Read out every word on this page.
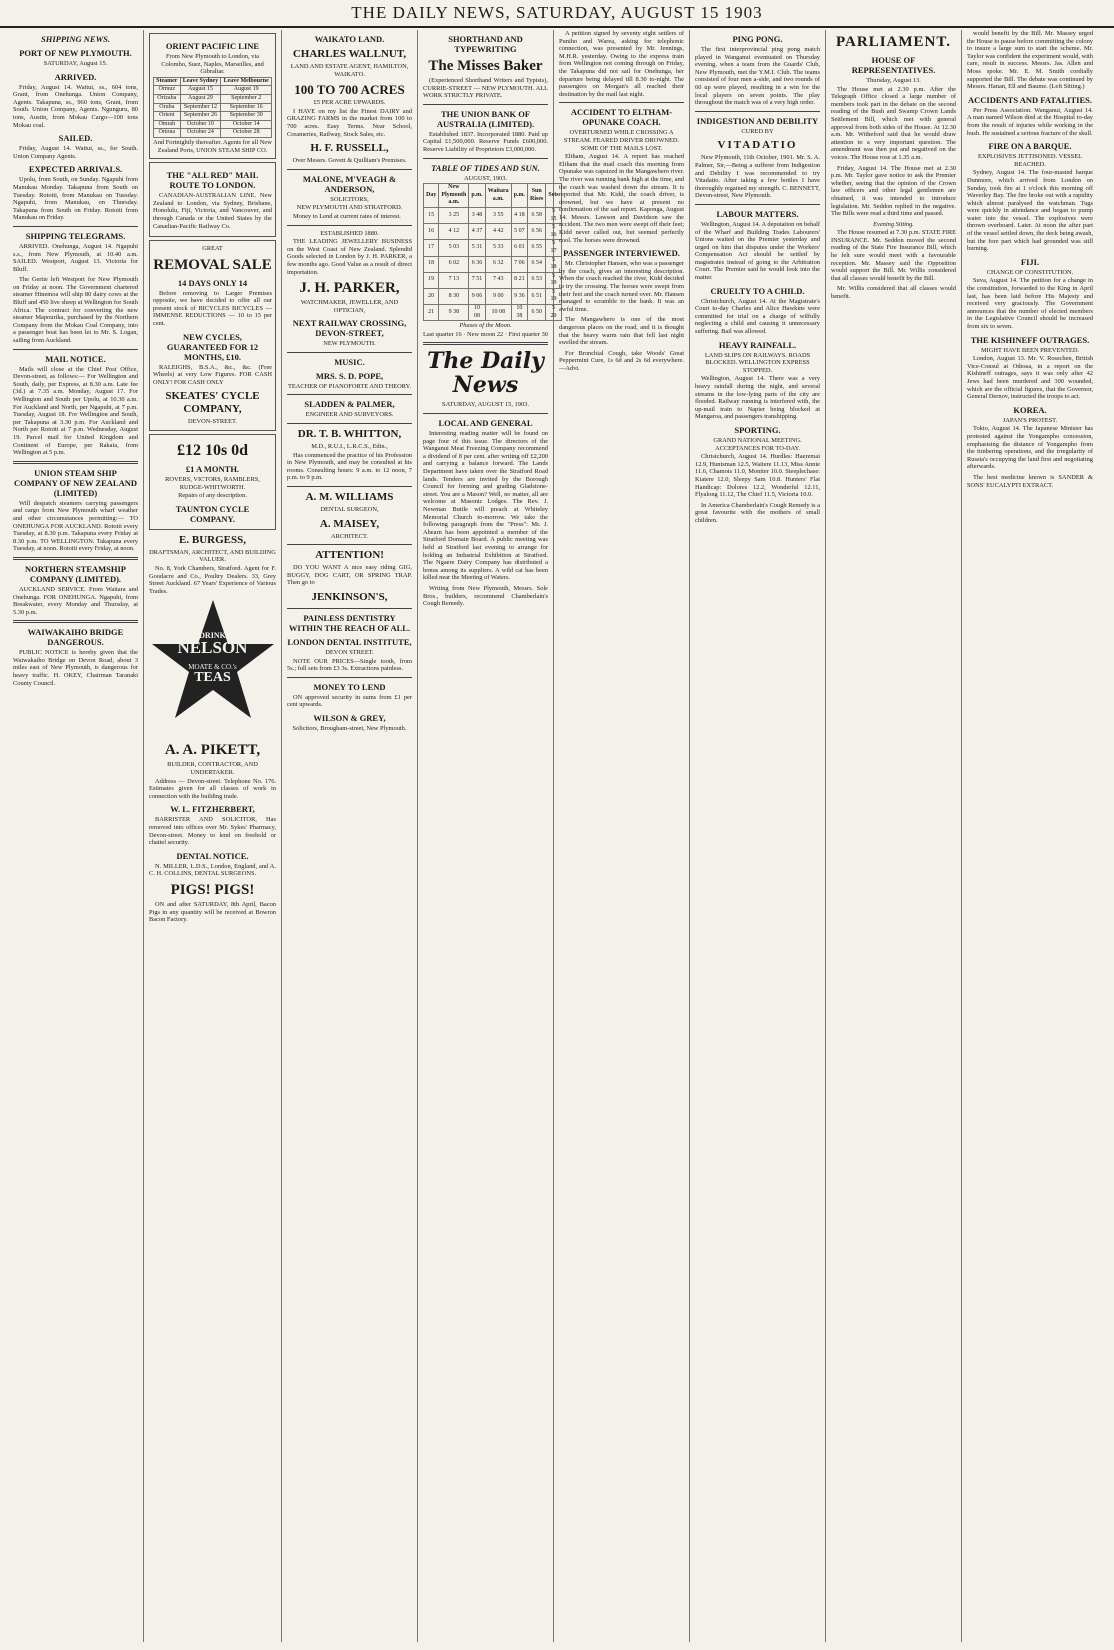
THE DAILY NEWS, SATURDAY, AUGUST 15 1903
SHIPPING NEWS.
PORT OF NEW PLYMOUTH.
SATURDAY, August 15.
ARRIVED.

Friday, August 14. Waitui, ss., 604 tons, Grant, from Onehunga. Union Company, Agents. Takapuna, ss., 960 tons, Grant, from South. Union Company, Agents. Ngunguru, 80 tons, Austin, from Mokau Cargo—100 tons Mokau coal.

SAILED.

Friday, August 14. Waitui, ss., for South. Union Company Agents.

EXPECTED ARRIVALS.

Upolu, from South, on Sunday. Ngapuhi from Manukau Monday. Takapuna from South on Tuesday. Rotoiti, from Manukau on Tuesday. Ngapuhi, from Manukau, on Thursday. Takapuna from South on Friday. Rotoiti from Manukau on Friday.

SHIPPING TELEGRAMS.

ARRIVED. Onehunga, August 14. Ngapuhi s.s., from New Plymouth, at 10.40 a.m. SAILED. Westport, August 13. Victoria for Bluff.

The Gertie left Westport for New Plymouth on Friday at noon. The Government chartered steamer Hinemoa will ship 80 dairy cows at the Bluff and 450 live sheep at Wellington for South Africa. The contract for converting the new steamer Mapourika, purchased by the Northern Company from the Mokau Coal Company, into a passenger boat has been let to Mr. S. Logan, sailing from Auckland.

MAIL NOTICE.

Mails will close at the Chief Post Office, Devon-street, as follows:— For Wellington and South, daily, per Express, at 8.30 a.m. Late fee (3d.) at 7.35 a.m. Monday, August 17. For Wellington and South per Upolu, at 10.30 a.m. For Auckland and North, per Ngapuhi, at 7 p.m. Tuesday, August 18. For Wellington and South, per Takapuna at 3.30 p.m. For Auckland and North per Rotoiti at 7 p.m. Wednesday, August 19. Parcel mail for United Kingdom and Continent of Europe, per Rakaia, from Wellington at 5 p.m.

UNION STEAM SHIP COMPANY OF NEW ZEALAND (LIMITED)

Will despatch steamers carrying passengers and cargo from New Plymouth wharf weather and other circumstances permitting:— TO ONEHUNGA FOR AUCKLAND. Rotoiti every Tuesday, at 8.30 p.m. Takapuna every Friday at 8.30 p.m. TO WELLINGTON. Takapuna every Tuesday, at noon. Rotoiti every Friday, at noon.

NORTHERN STEAMSHIP COMPANY (LIMITED).

AUCKLAND SERVICE. From Waitara and Onehunga. FOR ONEHUNGA. Ngapuhi, from Breakwater, every Monday and Thursday, at 5.30 p.m.

WAIWAKAIHO BRIDGE DANGEROUS.

PUBLIC NOTICE is hereby given that the Waiwakaiho Bridge on Devon Road, about 3 miles east of New Plymouth, is dangerous for heavy traffic. H. OKEY, Chairman Taranaki County Council.

ORIENT PACIFIC LINE
From New Plymouth to London, via Colombo, Suez, Naples, Marseilles, and Gibraltar.
Steamer	Leave Sydney	Leave Melbourne
Ormuz	August 15	August 19
Orizaba	August 29	September 2
Oruba	September 12	September 16
Orient	September 26	September 30
Omrah	October 10	October 14
Ortona	October 24	October 28
And Fortnightly thereafter. Agents for all New Zealand Ports, UNION STEAM SHIP CO.
THE "ALL RED" MAIL ROUTE TO LONDON.

CANADIAN-AUSTRALIAN LINE. New Zealand to London, via Sydney, Brisbane, Honolulu, Fiji, Victoria, and Vancouver, and through Canada or the United States by the Canadian-Pacific Railway Co.

GREAT
REMOVAL SALE
14 DAYS ONLY 14

Before removing to Larger Premises opposite, we have decided to offer all our present stock of BICYCLES BICYCLES — IMMENSE REDUCTIONS — 10 to 15 per cent.

NEW CYCLES, GUARANTEED FOR 12 MONTHS, £10.

RALEIGHS, B.S.A., &c., &c. (Free Wheels) at very Low Figures. FOR CASH ONLY! FOR CASH ONLY

SKEATES' CYCLE COMPANY,
DEVON-STREET.
£12 10s 0d
£1 A MONTH.
ROVERS, VICTORS, RAMBLERS, RUDGE-WHITWORTH.
Repairs of any description.
TAUNTON CYCLE COMPANY.
E. BURGESS,
DRAFTSMAN, ARCHITECT, AND BUILDING VALUER.

No. 8, York Chambers, Stratford. Agent for F. Goodacre and Co., Poultry Dealers. 33, Grey Street Auckland. 67 Years' Experience of Various Trades.

DRINK
NELSON
MOATE & CO.'s
TEAS
A. A. PIKETT,
BUILDER, CONTRACTOR, AND UNDERTAKER.

Address — Devon-street. Telephone No. 176. Estimates given for all classes of work in connection with the building trade.

W. L. FITZHERBERT,

BARRISTER AND SOLICITOR, Has removed into offices over Mr. Sykes' Pharmacy, Devon-street. Money to lend on freehold or chattel security.

DENTAL NOTICE.

N. MILLER, L.D.S., London, England, and A. C. H. COLLINS, DENTAL SURGEONS.

PIGS! PIGS!

ON and after SATURDAY, 8th April, Bacon Pigs in any quantity will be received at Bowron Bacon Factory.

WAIKATO LAND.
CHARLES WALLNUT,
LAND AND ESTATE AGENT, HAMILTON, WAIKATO.
100 TO 700 ACRES
£5 PER ACRE UPWARDS.

I HAVE on my list the Finest DAIRY and GRAZING FARMS in the market from 100 to 700 acres. Easy Terms. Near School, Creameries, Railway, Stock Sales, etc.

H. F. RUSSELL,
Over Messrs. Govett & Quilliam's Premises.
MALONE, M'VEAGH & ANDERSON,
SOLICITORS,
NEW PLYMOUTH AND STRATFORD.

Money to Lend at current rates of interest.

ESTABLISHED 1880.

THE LEADING JEWELLERY BUSINESS on the West Coast of New Zealand. Splendid Goods selected in London by J. H. PARKER, a few months ago. Good Value as a result of direct importation.

J. H. PARKER,
WATCHMAKER, JEWELLER, AND OPTICIAN,
NEXT RAILWAY CROSSING, DEVON-STREET,
NEW PLYMOUTH.
MUSIC.
MRS. S. D. POPE,
TEACHER OF PIANOFORTE AND THEORY.
SLADDEN & PALMER,
ENGINEER AND SURVEYORS.
DR. T. B. WHITTON,
M.D., R.U.I., L.R.C.S., Edin.,

Has commenced the practice of his Profession in New Plymouth, and may be consulted at his rooms. Consulting hours: 9 a.m. to 12 noon, 7 p.m. to 9 p.m.

A. M. WILLIAMS
DENTAL SURGEON,
A. MAISEY,
ARCHITECT.
ATTENTION!

DO YOU WANT A nice easy riding GIG, BUGGY, DOG CART, OR SPRING TRAP. Then go to

JENKINSON'S,
PAINLESS DENTISTRY WITHIN THE REACH OF ALL.
LONDON DENTAL INSTITUTE,
DEVON STREET.

NOTE OUR PRICES—Single tooth, from 5s.; full sets from £3 3s. Extractions painless.

MONEY TO LEND

ON approved security in sums from £1 per cent upwards.

WILSON & GREY,
Solicitors, Brougham-street, New Plymouth.
SHORTHAND AND TYPEWRITING
The Misses Baker

(Experienced Shorthand Writers and Typists), CURRIE-STREET — NEW PLYMOUTH. ALL WORK STRICTLY PRIVATE.

THE UNION BANK OF AUSTRALIA (LIMITED).

Established 1837. Incorporated 1880. Paid up Capital £1,500,000. Reserve Funds £600,000. Reserve Liability of Proprietors £3,000,000.

TABLE OF TIDES AND SUN.
AUGUST, 1903.
Day	New Plymouth a.m.	p.m.	Waitara a.m.	p.m.	Sun Rises	Sets
15	3 25	3 48	3 55	4 18	6 58	5 15
16	4 12	4 37	4 42	5 07	6 56	5 16
17	5 03	5 31	5 33	6 01	6 55	5 17
18	6 02	6 36	6 32	7 06	6 54	5 18
19	7 13	7 51	7 43	8 21	6 53	5 19
20	8 30	9 06	9 00	9 36	6 51	5 19
21	9 38	10 08	10 08	10 38	6 50	5 20
Phases of the Moon.
Last quarter 16 · New moon 22 · First quarter 30
The Daily News
SATURDAY, AUGUST 15, 1903.
LOCAL AND GENERAL

Interesting reading matter will be found on page four of this issue. The directors of the Wanganui Meat Freezing Company recommend a dividend of 8 per cent. after writing off £2,200 and carrying a balance forward. The Lands Department have taken over the Stratford Road lands. Tenders are invited by the Borough Council for forming and grading Gladstone-street. You are a Mason? Well, no matter, all are welcome at Masonic Lodges. The Rev. J. Newman Buttle will preach at Whiteley Memorial Church to-morrow. We take the following paragraph from the "Press": Mr. J. Ahearn has been appointed a member of the Stratford Domain Board. A public meeting was held at Stratford last evening to arrange for holding an Industrial Exhibition at Stratford. The Ngaere Dairy Company has distributed a bonus among its suppliers. A wild cat has been killed near the Meeting of Waters.

Writing from New Plymouth, Messrs. Sole Bros., builders, recommend Chamberlain's Cough Remedy.

A petition signed by seventy eight settlers of Puniho and Warea, asking for telephonic connection, was presented by Mr. Jennings, M.H.R. yesterday. Owing to the express train from Wellington not coming through on Friday, the Takapuna did not sail for Onehunga, her departure being delayed till 8.30 to-night. The passengers on Morgan's all reached their destination by the mail last night.

ACCIDENT TO ELTHAM-OPUNAKE COACH.
OVERTURNED WHILE CROSSING A STREAM. FEARED DRIVER DROWNED. SOME OF THE MAILS LOST.

Eltham, August 14. A report has reached Eltham that the mail coach this morning from Opunake was capsized in the Mangawhero river. The river was running bank high at the time, and the coach was washed down the stream. It is reported that Mr. Kidd, the coach driver, is drowned, but we have at present no confirmation of the sad report. Kaponga, August 14. Messrs. Lawson and Davidson saw the accident. The two men were swept off their feet; Kidd never called out, but seemed perfectly cool. The horses were drowned.

PASSENGER INTERVIEWED.

Mr. Christopher Hansen, who was a passenger by the coach, gives an interesting description. When the coach reached the river, Kidd decided to try the crossing. The horses were swept from their feet and the coach turned over. Mr. Hansen managed to scramble to the bank. It was an awful time.

The Mangawhero is one of the most dangerous places on the road, and it is thought that the heavy warm rain that fell last night swelled the stream.

For Bronchial Cough, take Woods' Great Peppermint Cure, 1s 6d and 2s 6d everywhere.—Advt.

PING PONG.

The first interprovincial ping pong match played in Wanganui eventuated on Thursday evening, when a team from the Guards' Club, New Plymouth, met the Y.M.I. Club. The teams consisted of four men a-side, and two rounds of 60 up were played, resulting in a win for the local players on seven points. The play throughout the match was of a very high order.

INDIGESTION AND DEBILITY
CURED BY
VITADATIO

New Plymouth, 11th October, 1901. Mr. S. A. Palmer, Sir,—Being a sufferer from Indigestion and Debility I was recommended to try Vitadatio. After taking a few bottles I have thoroughly regained my strength. C. BENNETT, Devon-street, New Plymouth.

LABOUR MATTERS.

Wellington, August 14. A deputation on behalf of the Wharf and Building Trades Labourers' Unions waited on the Premier yesterday and urged on him that disputes under the Workers' Compensation Act should be settled by magistrates instead of going to the Arbitration Court. The Premier said he would look into the matter.

CRUELTY TO A CHILD.

Christchurch, August 14. At the Magistrate's Court to-day Charles and Alice Hawkins were committed for trial on a charge of wilfully neglecting a child and causing it unnecessary suffering. Bail was allowed.

HEAVY RAINFALL.
LAND SLIPS ON RAILWAYS. ROADS BLOCKED. WELLINGTON EXPRESS STOPPED.

Wellington, August 14. There was a very heavy rainfall during the night, and several streams in the low-lying parts of the city are flooded. Railway running is interfered with, the up-mail train to Napier being blocked at Mangaroa, and passengers transhipping.

SPORTING.
GRAND NATIONAL MEETING. ACCEPTANCES FOR TO-DAY.

Christchurch, August 14. Hurdles: Haeremai 12.9, Huntsman 12.5, Waitere 11.13, Miss Annie 11.6, Chamois 11.0, Moniter 10.0. Steeplechase: Kiatere 12.0, Sleepy Sam 10.8. Hunters' Flat Handicap: Dolores 12.2, Wonderful 12.11, Flyalong 11.12, The Chief 11.5, Victoria 10.0.

In America Chamberlain's Cough Remedy is a great favourite with the mothers of small children.

PARLIAMENT.
HOUSE OF REPRESENTATIVES.
Thursday, August 13.

The House met at 2.30 p.m. After the Telegraph Office closed a large number of members took part in the debate on the second reading of the Bush and Swamp Crown Lands Settlement Bill, which met with general approval from both sides of the House. At 12.30 a.m. Mr. Witheford said that he would draw attention to a very important question. The amendment was then put and negatived on the voices. The House rose at 1.35 a.m.

Friday, August 14. The House met at 2.30 p.m. Mr. Taylor gave notice to ask the Premier whether, seeing that the opinion of the Crown law officers and other legal gentlemen are obtained, it was intended to introduce legislation. Mr. Seddon replied in the negative. The Bills were read a third time and passed.

Evening Sitting.

The House resumed at 7.30 p.m. STATE FIRE INSURANCE. Mr. Seddon moved the second reading of the State Fire Insurance Bill, which he felt sure would meet with a favourable reception. Mr. Massey said the Opposition would support the Bill. Mr. Willis considered that all classes would benefit by the Bill.

Mr. Willis considered that all classes would benefit.

would benefit by the Bill. Mr. Massey urged the House to pause before committing the colony to insure a large sum to start the scheme. Mr. Taylor was confident the experiment would, with care, result in success. Messrs. Jas. Allen and Moss spoke. Mr. E. M. Smith cordially supported the Bill. The debate was continued by Messrs. Hanan, Ell and Baume. (Left Sitting.)

ACCIDENTS AND FATALITIES.

Per Press Association. Wanganui, August 14. A man named Wilson died at the Hospital to-day from the result of injuries while working in the bush. He sustained a serious fracture of the skull.

FIRE ON A BARQUE.
EXPLOSIVES JETTISONED. VESSEL BEACHED.

Sydney, August 14. The four-masted barque Dunmore, which arrived from London on Sunday, took fire at 1 o'clock this morning off Waverley Bay. The fire broke out with a rapidity which almost paralysed the watchman. Tugs were quickly in attendance and began to pump water into the vessel. The explosives were thrown overboard. Later. At noon the after part of the vessel settled down, the deck being awash, but the fore part which had grounded was still burning.

FIJI.
CHANGE OF CONSTITUTION.

Suva, August 14. The petition for a change in the constitution, forwarded to the King in April last, has been laid before His Majesty and received very graciously. The Government announces that the number of elected members in the Legislative Council should be increased from six to seven.

THE KISHINEFF OUTRAGES.
MIGHT HAVE BEEN PREVENTED.

London, August 13. Mr. V. Rosschen, British Vice-Consul at Odessa, in a report on the Kishineff outrages, says it was only after 42 Jews had been murdered and 300 wounded, which are the official figures, that the Governor, General Dernov, instructed the troops to act.

KOREA.
JAPAN'S PROTEST.

Tokio, August 14. The Japanese Minister has protested against the Yongampho concession, emphasising the distance of Yongampho from the timbering operations, and the irregularity of Russia's occupying the land first and negotiating afterwards.

The best medicine known is SANDER & SONS' EUCALYPTI EXTRACT.
